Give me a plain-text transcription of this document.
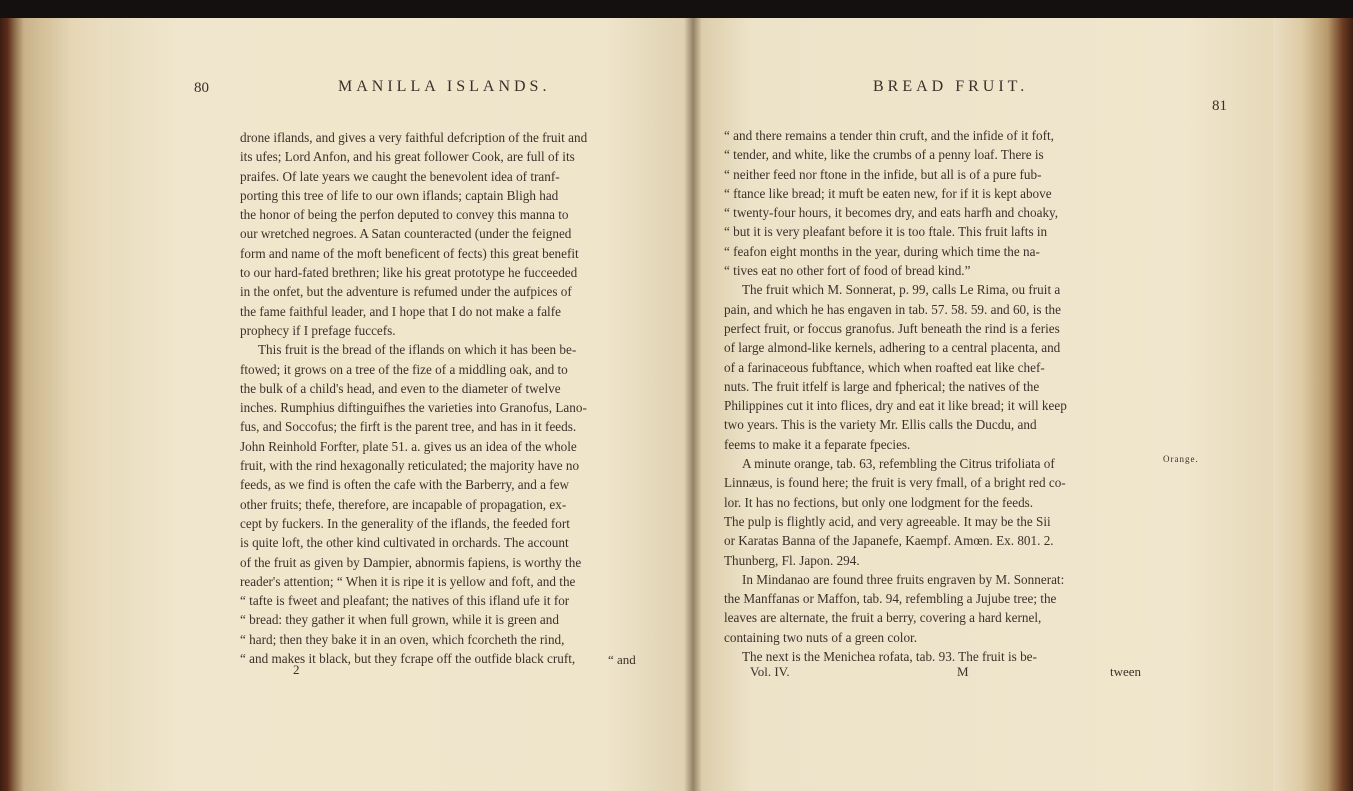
80	MANILLA ISLANDS.
drone iflands, and gives a very faithful defcription of the fruit and
its ufes; Lord Anfon, and his great follower Cook, are full of its
praifes. Of late years we caught the benevolent idea of tranf-
porting this tree of life to our own iflands; captain Bligh had
the honor of being the perfon deputed to convey this manna to
our wretched negroes. A Satan counteracted (under the feigned
form and name of the moft beneficent of fects) this great benefit
to our hard-fated brethren; like his great prototype he fucceeded
in the onfet, but the adventure is refumed under the aufpices of
the fame faithful leader, and I hope that I do not make a falfe
prophecy if I prefage fuccefs.
This fruit is the bread of the iflands on which it has been be-
ftowed; it grows on a tree of the fize of a middling oak, and to
the bulk of a child's head, and even to the diameter of twelve
inches. Rumphius diftinguifhes the varieties into Granofus, Lano-
fus, and Soccofus; the firft is the parent tree, and has in it feeds.
John Reinhold Forfter, plate 51. a. gives us an idea of the whole
fruit, with the rind hexagonally reticulated; the majority have no
feeds, as we find is often the cafe with the Barberry, and a few
other fruits; thefe, therefore, are incapable of propagation, ex-
cept by fuckers. In the generality of the iflands, the feeded fort
is quite loft, the other kind cultivated in orchards. The account
of the fruit as given by Dampier, abnormis fapiens, is worthy the
reader's attention; “ When it is ripe it is yellow and foft, and the
“ tafte is fweet and pleafant; the natives of this ifland ufe it for
“ bread: they gather it when full grown, while it is green and
“ hard; then they bake it in an oven, which fcorcheth the rind,
“ and makes it black, but they fcrape off the outfide black cruft,
2
“ and
BREAD FRUIT.
81
“ and there remains a tender thin cruft, and the infide of it foft,
“ tender, and white, like the crumbs of a penny loaf. There is
“ neither feed nor ftone in the infide, but all is of a pure fub-
“ ftance like bread; it muft be eaten new, for if it is kept above
“ twenty-four hours, it becomes dry, and eats harfh and choaky,
“ but it is very pleafant before it is too ftale. This fruit lafts in
“ feafon eight months in the year, during which time the na-
“ tives eat no other fort of food of bread kind.”
The fruit which M. Sonnerat, p. 99, calls Le Rima, ou fruit a
pain, and which he has engaven in tab. 57. 58. 59. and 60, is the
perfect fruit, or foccus granofus. Juft beneath the rind is a feries
of large almond-like kernels, adhering to a central placenta, and
of a farinaceous fubftance, which when roafted eat like chef-
nuts. The fruit itfelf is large and fpherical; the natives of the
Philippines cut it into flices, dry and eat it like bread; it will keep
two years. This is the variety Mr. Ellis calls the Ducdu, and
feems to make it a feparate fpecies.
A minute orange, tab. 63, refembling the Citrus trifoliata of
Linnæus, is found here; the fruit is very fmall, of a bright red co-
lor. It has no fections, but only one lodgment for the feeds.
The pulp is flightly acid, and very agreeable. It may be the Sii
or Karatas Banna of the Japanefe, Kaempf. Amœn. Ex. 801. 2.
Thunberg, Fl. Japon. 294.
In Mindanao are found three fruits engraven by M. Sonnerat:
the Manffanas or Maffon, tab. 94, refembling a Jujube tree; the
leaves are alternate, the fruit a berry, covering a hard kernel,
containing two nuts of a green color.
The next is the Menichea rofata, tab. 93. The fruit is be-
Orange.
Vol. IV.	M	tween
